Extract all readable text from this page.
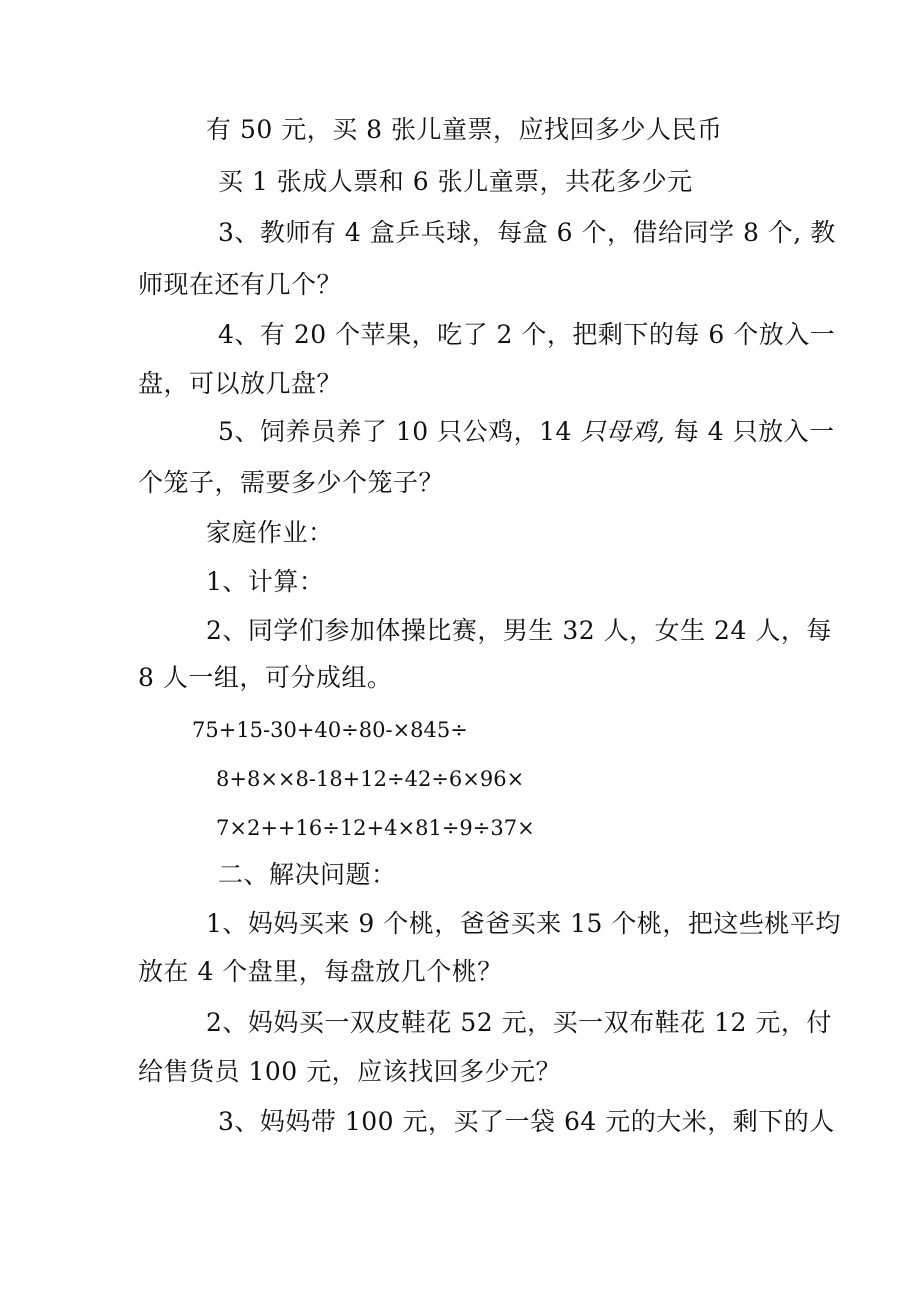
有 50 元，买 8 张儿童票，应找回多少人民币
买 1 张成人票和 6 张儿童票，共花多少元
3、教师有 4 盒乒乓球，每盒 6 个，借给同学 8 个, 教
师现在还有几个？
4、有 20 个苹果，吃了 2 个，把剩下的每 6 个放入一
盘，可以放几盘？
5、饲养员养了 10 只公鸡，14 只母鸡, 每 4 只放入一
个笼子，需要多少个笼子？
家庭作业：
1、计算：
2、同学们参加体操比赛，男生 32 人，女生 24 人，每
8 人一组，可分成组。
75+15-30+40÷80-×845÷
8+8××8-18+12÷42÷6×96×
7×2++16÷12+4×81÷9÷37×
二、解决问题：
1、妈妈买来 9 个桃，爸爸买来 15 个桃，把这些桃平均
放在 4 个盘里，每盘放几个桃？
2、妈妈买一双皮鞋花 52 元，买一双布鞋花 12 元，付
给售货员 100 元，应该找回多少元？
3、妈妈带 100 元，买了一袋 64 元的大米，剩下的人
